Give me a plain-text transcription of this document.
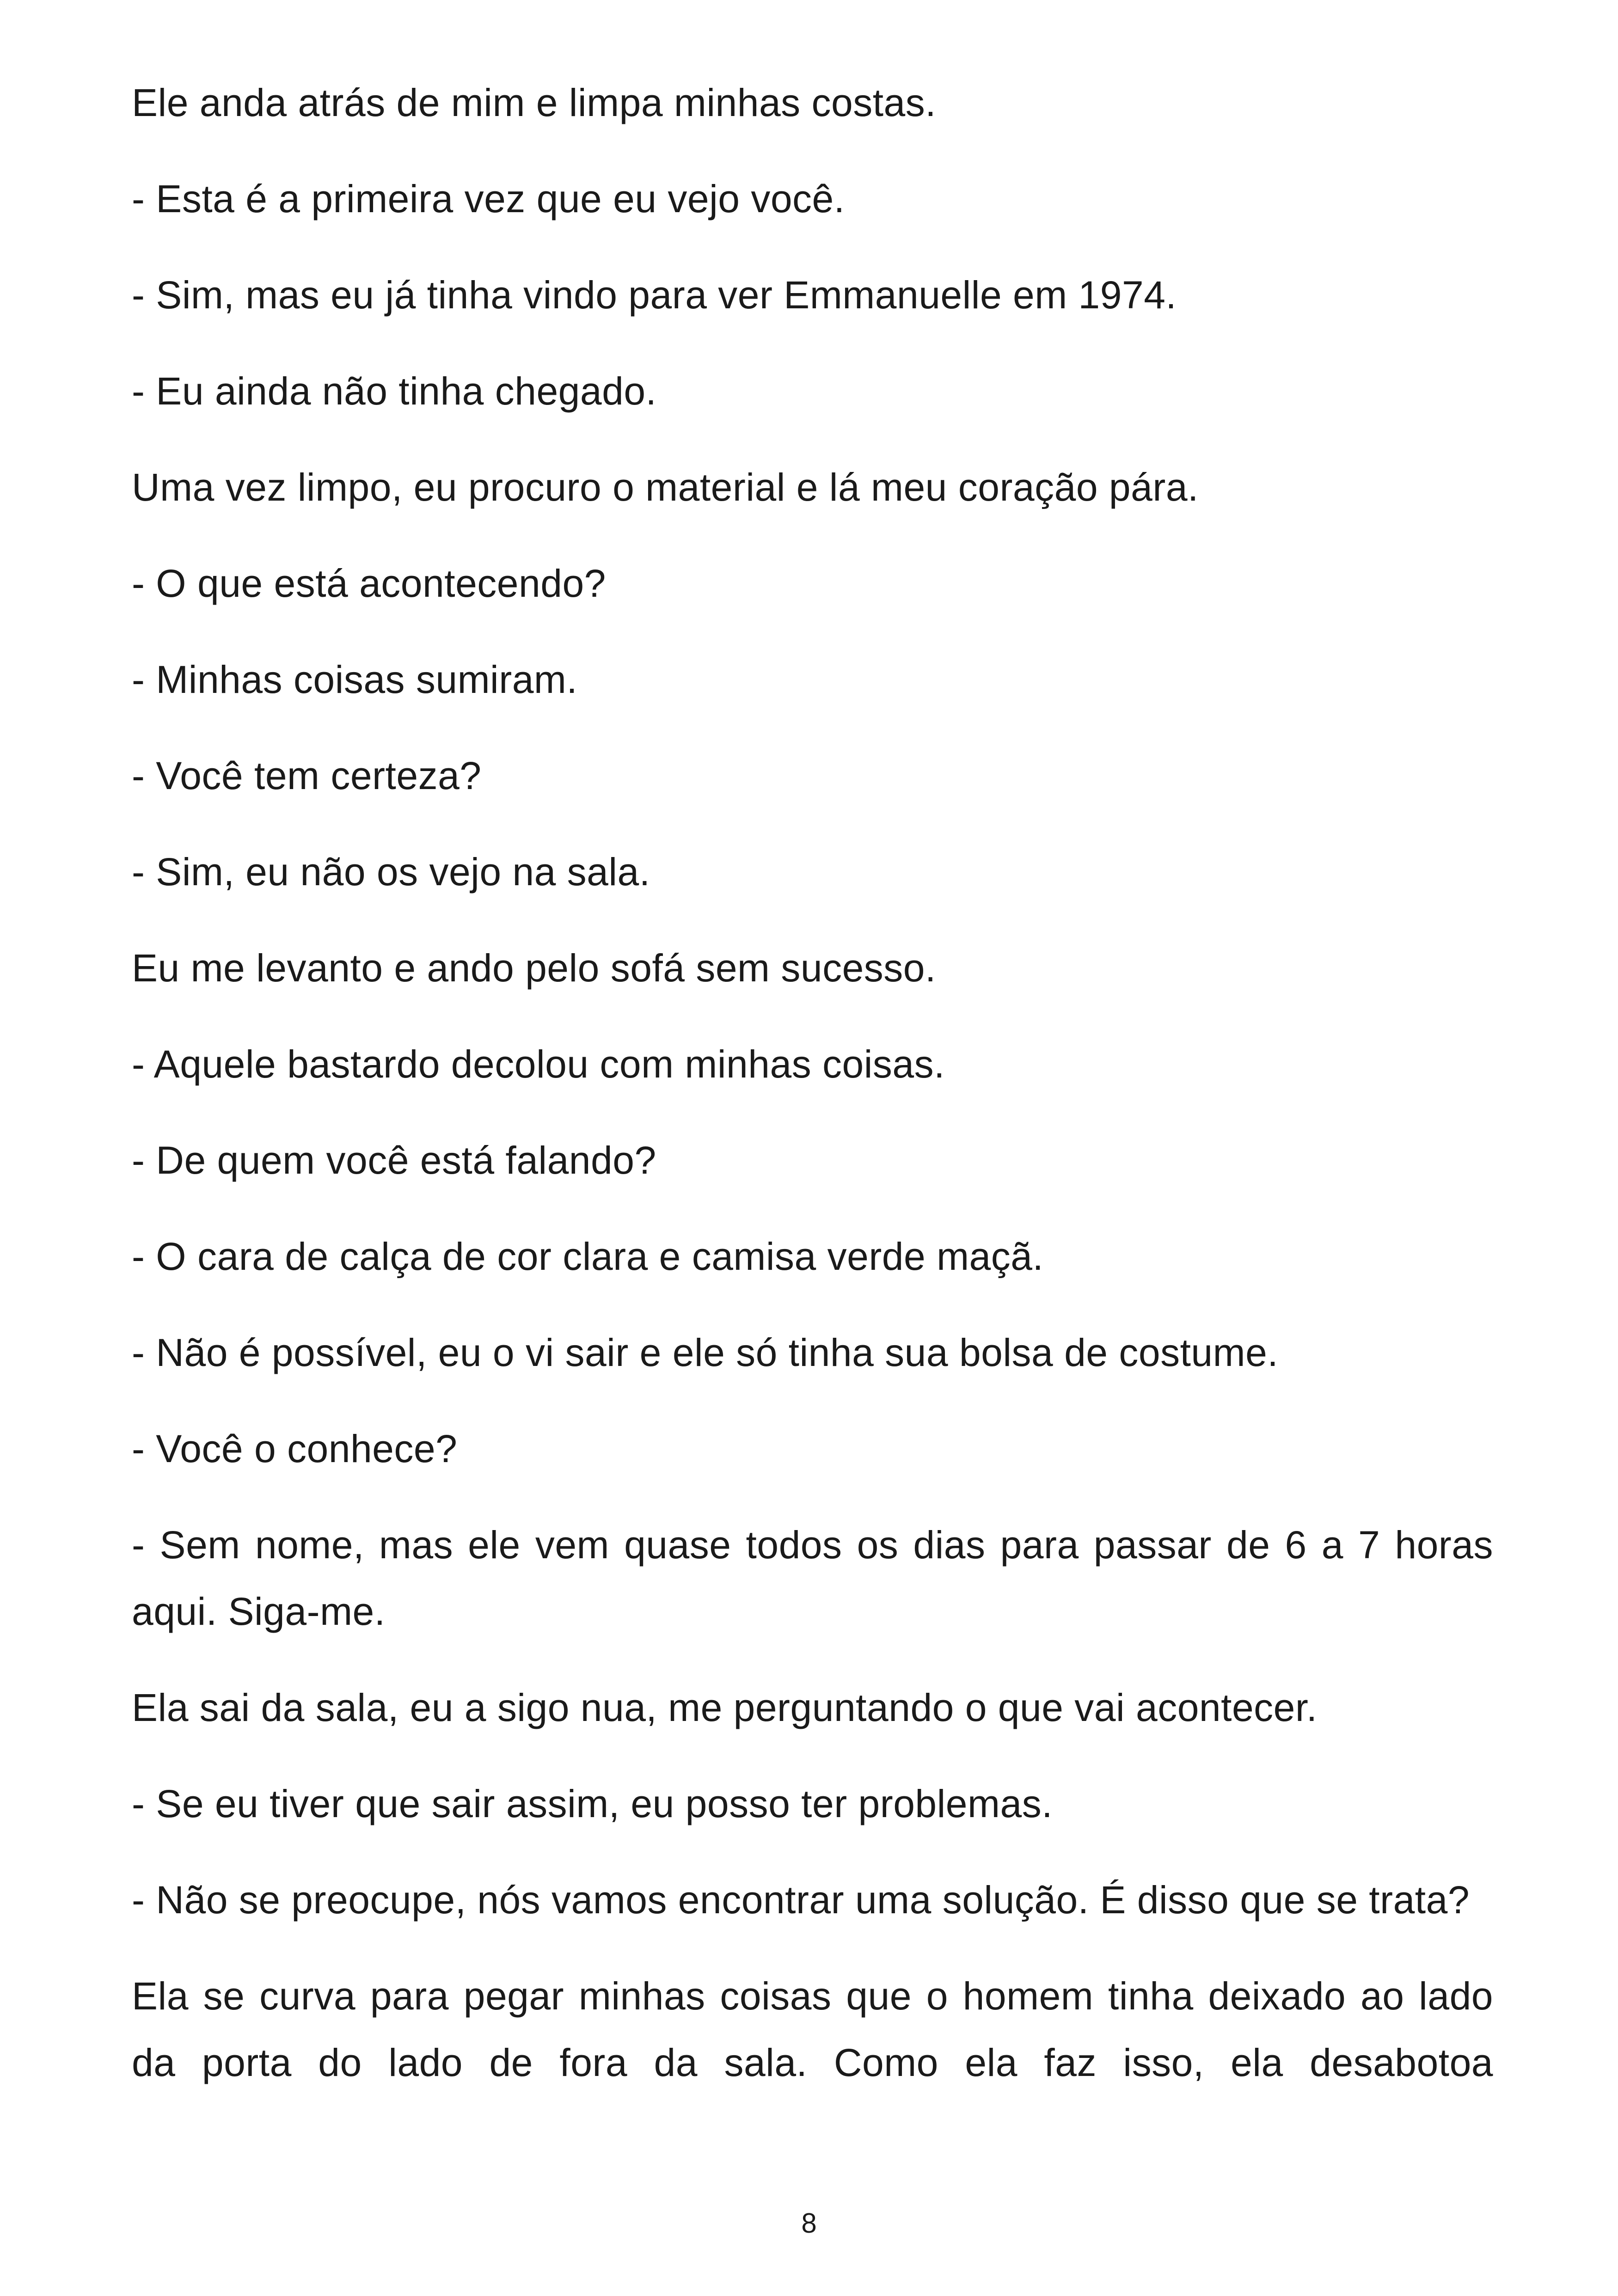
Ele anda atrás de mim e limpa minhas costas.

- Esta é a primeira vez que eu vejo você.

- Sim, mas eu já tinha vindo para ver Emmanuelle em 1974.

- Eu ainda não tinha chegado.

Uma vez limpo, eu procuro o material e lá meu coração pára.

- O que está acontecendo?

- Minhas coisas sumiram.

- Você tem certeza?

- Sim, eu não os vejo na sala.

Eu me levanto e ando pelo sofá sem sucesso.

- Aquele bastardo decolou com minhas coisas.

- De quem você está falando?

- O cara de calça de cor clara e camisa verde maçã.

- Não é possível, eu o vi sair e ele só tinha sua bolsa de costume.

- Você o conhece?

- Sem nome, mas ele vem quase todos os dias para passar de 6 a 7 horas aqui. Siga-me.

Ela sai da sala, eu a sigo nua, me perguntando o que vai acontecer.

- Se eu tiver que sair assim, eu posso ter problemas.

- Não se preocupe, nós vamos encontrar uma solução. É disso que se trata?

Ela se curva para pegar minhas coisas que o homem tinha deixado ao lado da porta do lado de fora da sala. Como ela faz isso, ela desabotoa

8
